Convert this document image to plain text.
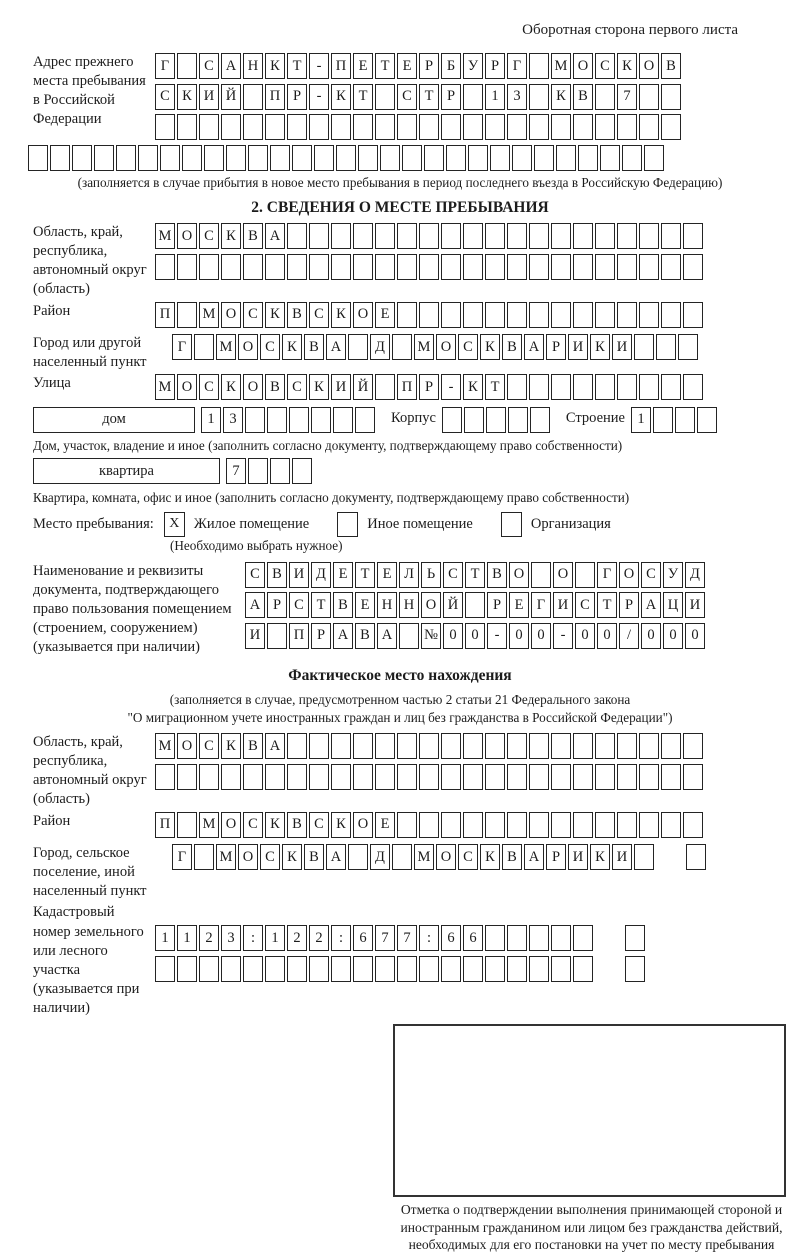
Оборотная сторона первого листа
Адрес прежнего места пребывания в Российской Федерации
Г	С А Н К Т	- П Е Т Е Р Б У Р Г	М О С К О В
С К И Й	П Р	-	К Т	С Т Р	1	3	К В	7
(заполняется в случае прибытия в новое место пребывания в период последнего въезда в Российскую Федерацию)
2. СВЕДЕНИЯ О МЕСТЕ ПРЕБЫВАНИЯ
Область, край, республика, автономный округ (область)
М О С К В А
Район	П	М О С К В С К О Е
Город или другой населенный пункт
Г	М О С К В А	Д	М О С К В А Р И К И
Улица	М О С К О В С К И Й	П Р	-	К Т
дом	1	3	Корпус	Строение 1
Дом, участок, владение и иное (заполнить согласно документу, подтверждающему право собственности)
квартира	7
Квартира, комната, офис и иное (заполнить согласно документу, подтверждающему право собственности)
Место пребывания:	X Жилое помещение	Иное помещение	Организация
(Необходимо выбрать нужное)
Наименование и реквизиты документа, подтверждающего право пользования помещением (строением, сооружением) (указывается при наличии)
С В И Д Е Т Е Л Ь С Т В О	О	Г О С У Д
А Р С Т В Е Н Н О Й	Р Е Г И С Т Р А Ц И
И	П Р А В А	№ 0	0	-	0	0	-	0	0	/	0	0	0
Фактическое место нахождения
(заполняется в случае, предусмотренном частью 2 статьи 21 Федерального закона
"О миграционном учете иностранных граждан и лиц без гражданства в Российской Федерации")
Область, край, республика, автономный округ (область)
М О С К В А
Район	П	М О С К В С К О Е
Город, сельское поселение, иной населенный пункт
Г	М О С К В А	Д	М О С К В А Р И К И
Кадастровый номер земельного или лесного участка (указывается при наличии)
1	1	2	3	:	1	2	2	:	6	7	7	:	6	6
Отметка о подтверждении выполнения принимающей стороной и иностранным гражданином или лицом без гражданства действий, необходимых для его постановки на учет по месту пребывания
